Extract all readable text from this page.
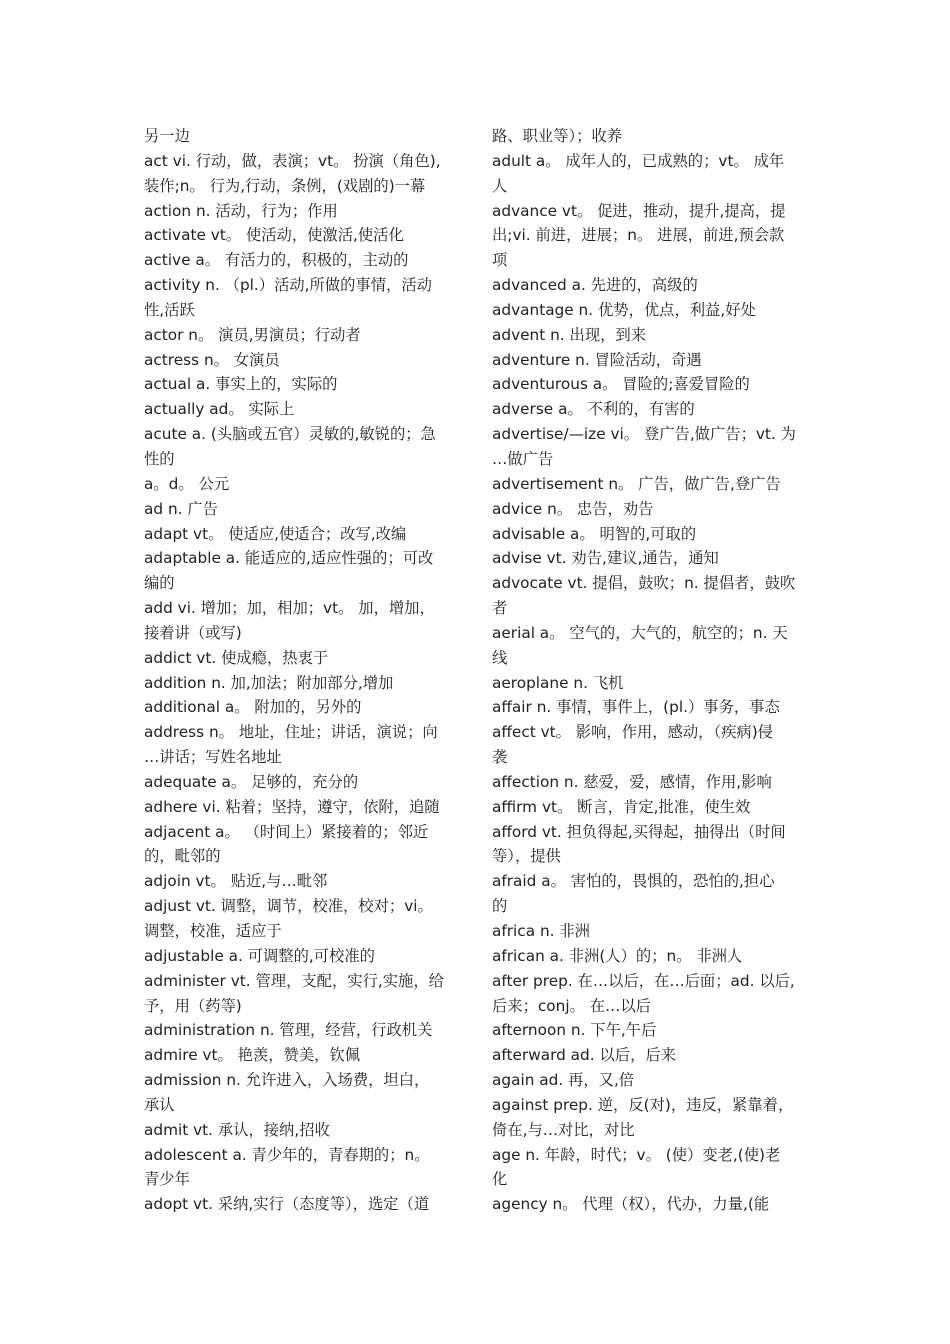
另一边
act vi. 行动，做，表演；vt。 扮演（角色),
装作;n。 行为,行动，条例，(戏剧的)一幕
action n. 活动，行为；作用
activate vt。 使活动，使激活,使活化
active a。 有活力的，积极的，主动的
activity n. （pl.）活动,所做的事情，活动
性,活跃
actor n。 演员,男演员；行动者
actress n。 女演员
actual a. 事实上的，实际的
actually ad。 实际上
acute a. (头脑或五官）灵敏的,敏锐的；急
性的
a。d。 公元
ad n. 广告
adapt vt。 使适应,使适合；改写,改编
adaptable a. 能适应的,适应性强的；可改
编的
add vi. 增加；加，相加；vt。 加，增加，
接着讲（或写)
addict vt. 使成瘾，热衷于
addition n. 加,加法；附加部分,增加
additional a。 附加的，另外的
address n。 地址，住址；讲话，演说；向
…讲话；写姓名地址
adequate a。 足够的，充分的
adhere vi. 粘着；坚持，遵守，依附，追随
adjacent a。 （时间上）紧接着的；邻近
的，毗邻的
adjoin vt。 贴近,与…毗邻
adjust vt. 调整，调节，校准，校对；vi。
调整，校准，适应于
adjustable a. 可调整的,可校准的
administer vt. 管理，支配，实行,实施，给
予，用（药等)
administration n. 管理，经营，行政机关
admire vt。 艳羡，赞美，钦佩
admission n. 允许进入，入场费，坦白，
承认
admit vt. 承认，接纳,招收
adolescent a. 青少年的，青春期的；n。
青少年
adopt vt. 采纳,实行（态度等），选定（道
路、职业等）；收养
adult a。 成年人的，已成熟的；vt。 成年
人
advance vt。 促进，推动，提升,提高，提
出;vi. 前进，进展；n。 进展，前进,预会款
项
advanced a. 先进的，高级的
advantage n. 优势，优点，利益,好处
advent n. 出现，到来
adventure n. 冒险活动，奇遇
adventurous a。 冒险的;喜爱冒险的
adverse a。 不利的，有害的
advertise/—ize vi。 登广告,做广告；vt. 为
…做广告
advertisement n。 广告，做广告,登广告
advice n。 忠告，劝告
advisable a。 明智的,可取的
advise vt. 劝告,建议,通告，通知
advocate vt. 提倡，鼓吹；n. 提倡者，鼓吹
者
aerial a。 空气的，大气的，航空的；n. 天
线
aeroplane n. 飞机
affair n. 事情，事件上，(pl.）事务，事态
affect vt。 影响，作用，感动，（疾病)侵
袭
affection n. 慈爱，爱，感情，作用,影响
affirm vt。 断言，肯定,批准，使生效
afford vt. 担负得起,买得起，抽得出（时间
等），提供
afraid a。 害怕的，畏惧的，恐怕的,担心
的
africa n. 非洲
african a. 非洲(人）的；n。 非洲人
after prep. 在…以后，在…后面；ad. 以后,
后来；conj。 在…以后
afternoon n. 下午,午后
afterward ad. 以后，后来
again ad. 再，又,倍
against prep. 逆，反(对)，违反，紧靠着，
倚在,与…对比，对比
age n. 年龄，时代；v。 (使）变老,(使)老
化
agency n。 代理（权），代办，力量,(能
